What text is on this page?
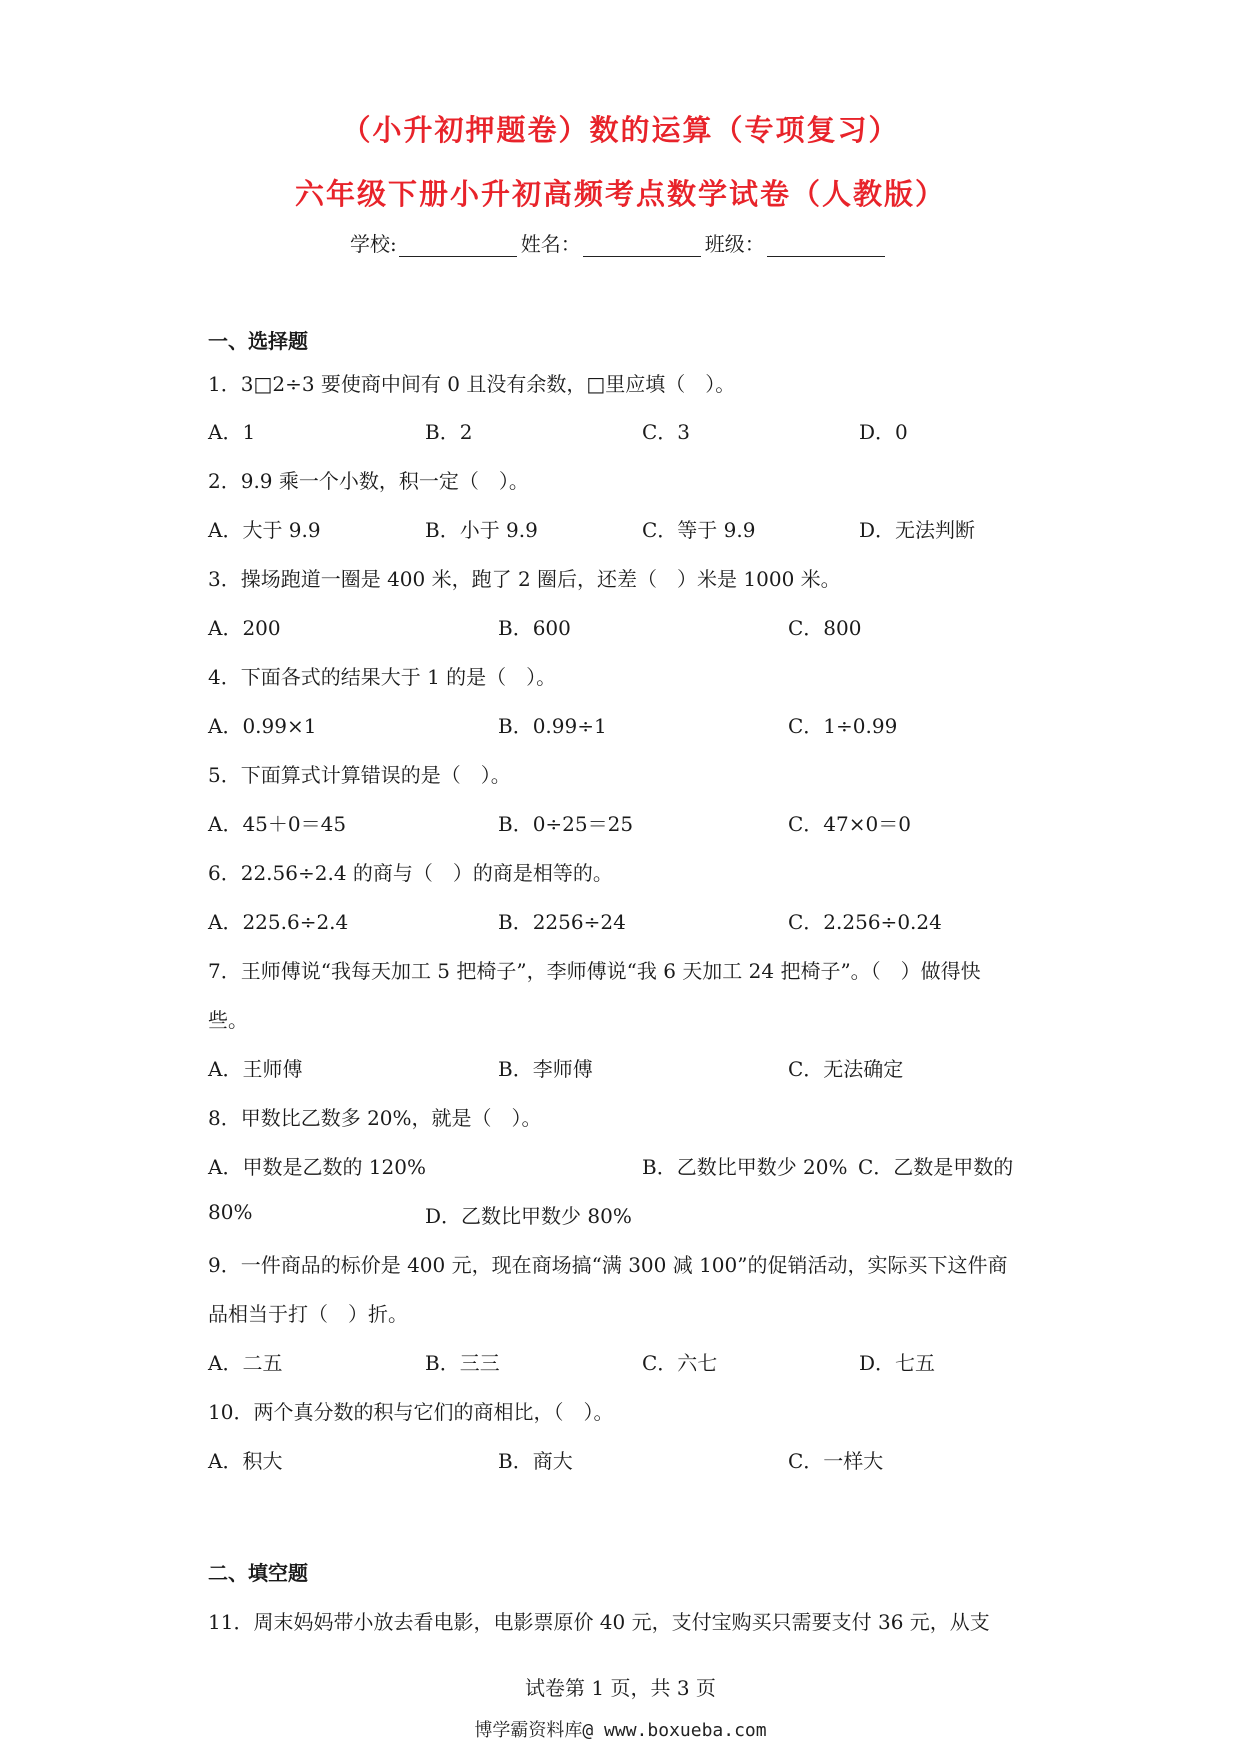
（小升初押题卷）数的运算（专项复习）
六年级下册小升初高频考点数学试卷（人教版）
学校:	姓名：	班级：
一、选择题
1．3□2÷3 要使商中间有 0 且没有余数，□里应填（　）。
A．1	B．2	C．3	D．0
2．9.9 乘一个小数，积一定（　）。
A．大于 9.9	B．小于 9.9	C．等于 9.9	D．无法判断
3．操场跑道一圈是 400 米，跑了 2 圈后，还差（　）米是 1000 米。
A．200	B．600	C．800
4．下面各式的结果大于 1 的是（　）。
A．0.99×1	B．0.99÷1	C．1÷0.99
5．下面算式计算错误的是（　）。
A．45＋0＝45	B．0÷25＝25	C．47×0＝0
6．22.56÷2.4 的商与（　）的商是相等的。
A．225.6÷2.4	B．2256÷24	C．2.256÷0.24
7．王师傅说“我每天加工 5 把椅子”，李师傅说“我 6 天加工 24 把椅子”。（　）做得快
些。
A．王师傅	B．李师傅	C．无法确定
8．甲数比乙数多 20%，就是（　）。
A．甲数是乙数的 120%	B．乙数比甲数少 20% C．乙数是甲数的
80%	D．乙数比甲数少 80%
9．一件商品的标价是 400 元，现在商场搞“满 300 减 100”的促销活动，实际买下这件商
品相当于打（　）折。
A．二五	B．三三	C．六七	D．七五
10．两个真分数的积与它们的商相比，（　）。
A．积大	B．商大	C．一样大
二、填空题
11．周末妈妈带小放去看电影，电影票原价 40 元，支付宝购买只需要支付 36 元，从支
试卷第 1 页，共 3 页
博学霸资料库@ www.boxueba.com
